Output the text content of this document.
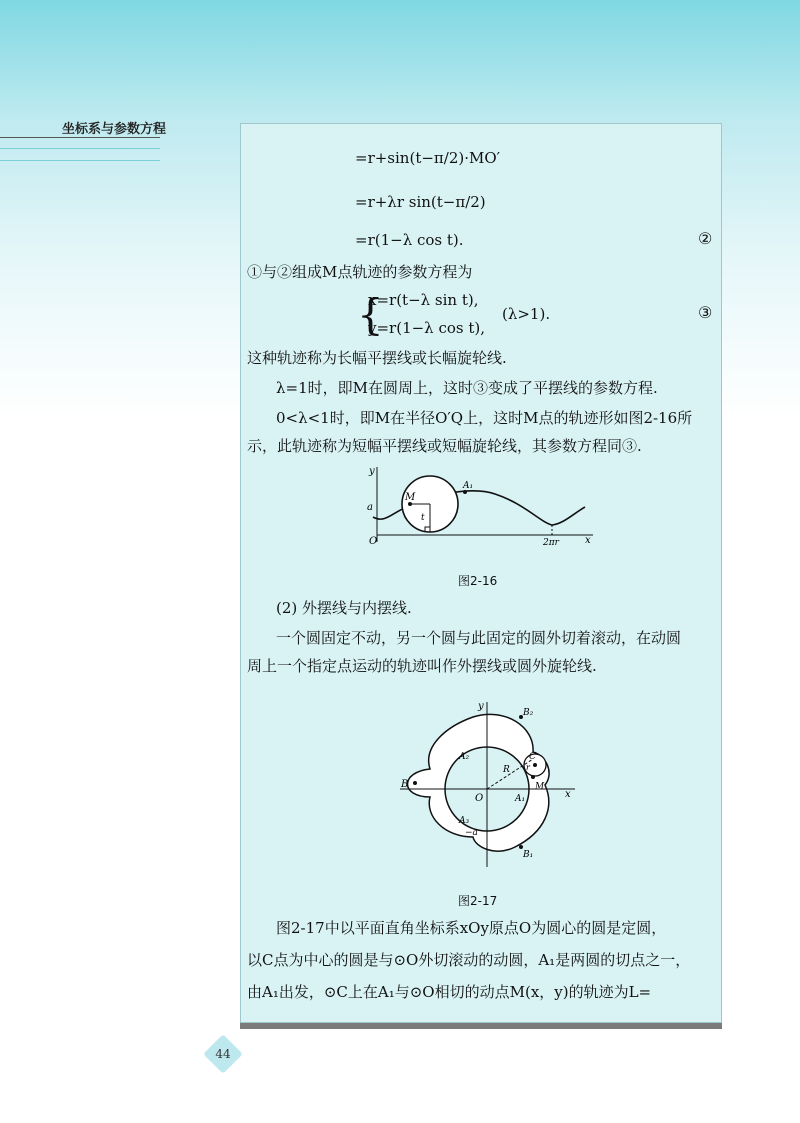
坐标系与参数方程
=r+sin(t−π/2)·MO′
=r+λr sin(t−π/2)
=r(1−λ cos t).	②
①与②组成M点轨迹的参数方程为
{
x=r(t−λ sin t),
y=r(1−λ cos t),
(λ>1).	③
这种轨迹称为长幅平摆线或长幅旋轮线.
λ=1时，即M在圆周上，这时③变成了平摆线的参数方程.
0<λ<1时，即M在半径O′Q上，这时M点的轨迹形如图2-16所
示，此轨迹称为短幅平摆线或短幅旋轮线，其参数方程同③.
y
a
O
M
t
A₁
2πr	x
图2-16
(2) 外摆线与内摆线.
一个圆固定不动，另一个圆与此固定的圆外切着滚动，在动圆
周上一个指定点运动的轨迹叫作外摆线或圆外旋轮线.
y
x
O	A₁
A₂
A₃
B
B₁
B₂
C
R r
M
−a
图2-17
图2-17中以平面直角坐标系xOy原点O为圆心的圆是定圆，
以C点为中心的圆是与⊙O外切滚动的动圆，A₁是两圆的切点之一，
由A₁出发，⊙C上在A₁与⊙O相切的动点M(x，y)的轨迹为L=
44
